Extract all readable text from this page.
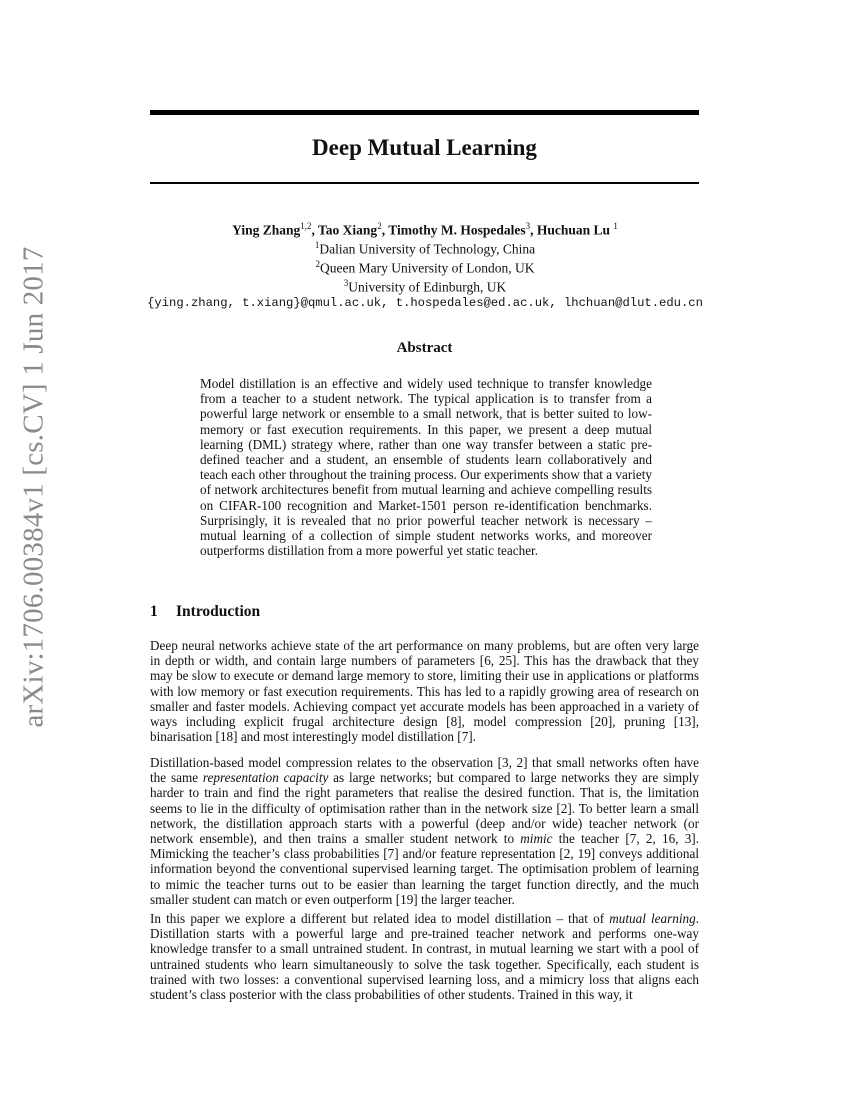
arXiv:1706.00384v1 [cs.CV] 1 Jun 2017
Deep Mutual Learning
Ying Zhang$^{1,2}$, Tao Xiang$^2$, Timothy M. Hospedales$^3$, Huchuan Lu $^1$
$^1$Dalian University of Technology, China
$^2$Queen Mary University of London, UK
$^3$University of Edinburgh, UK
{ying.zhang, t.xiang}@qmul.ac.uk, t.hospedales@ed.ac.uk, lhchuan@dlut.edu.cn
Abstract

Model distillation is an effective and widely used technique to transfer knowledge from a teacher to a student network. The typical application is to transfer from a powerful large network or ensemble to a small network, that is better suited to low-memory or fast execution requirements. In this paper, we present a deep mutual learning (DML) strategy where, rather than one way transfer between a static pre-defined teacher and a student, an ensemble of students learn collaboratively and teach each other throughout the training process. Our experiments show that a variety of network architectures benefit from mutual learning and achieve compelling results on CIFAR-100 recognition and Market-1501 person re-identification benchmarks. Surprisingly, it is revealed that no prior powerful teacher network is necessary – mutual learning of a collection of simple student networks works, and moreover outperforms distillation from a more powerful yet static teacher.

1 Introduction

Deep neural networks achieve state of the art performance on many problems, but are often very large in depth or width, and contain large numbers of parameters [6, 25]. This has the drawback that they may be slow to execute or demand large memory to store, limiting their use in applications or platforms with low memory or fast execution requirements. This has led to a rapidly growing area of research on smaller and faster models. Achieving compact yet accurate models has been approached in a variety of ways including explicit frugal architecture design [8], model compression [20], pruning [13], binarisation [18] and most interestingly model distillation [7].

Distillation-based model compression relates to the observation [3, 2] that small networks often have the same representation capacity as large networks; but compared to large networks they are simply harder to train and find the right parameters that realise the desired function. That is, the limitation seems to lie in the difficulty of optimisation rather than in the network size [2]. To better learn a small network, the distillation approach starts with a powerful (deep and/or wide) teacher network (or network ensemble), and then trains a smaller student network to mimic the teacher [7, 2, 16, 3]. Mimicking the teacher’s class probabilities [7] and/or feature representation [2, 19] conveys additional information beyond the conventional supervised learning target. The optimisation problem of learning to mimic the teacher turns out to be easier than learning the target function directly, and the much smaller student can match or even outperform [19] the larger teacher.

In this paper we explore a different but related idea to model distillation – that of mutual learning. Distillation starts with a powerful large and pre-trained teacher network and performs one-way knowledge transfer to a small untrained student. In contrast, in mutual learning we start with a pool of untrained students who learn simultaneously to solve the task together. Specifically, each student is trained with two losses: a conventional supervised learning loss, and a mimicry loss that aligns each student’s class posterior with the class probabilities of other students. Trained in this way, it
